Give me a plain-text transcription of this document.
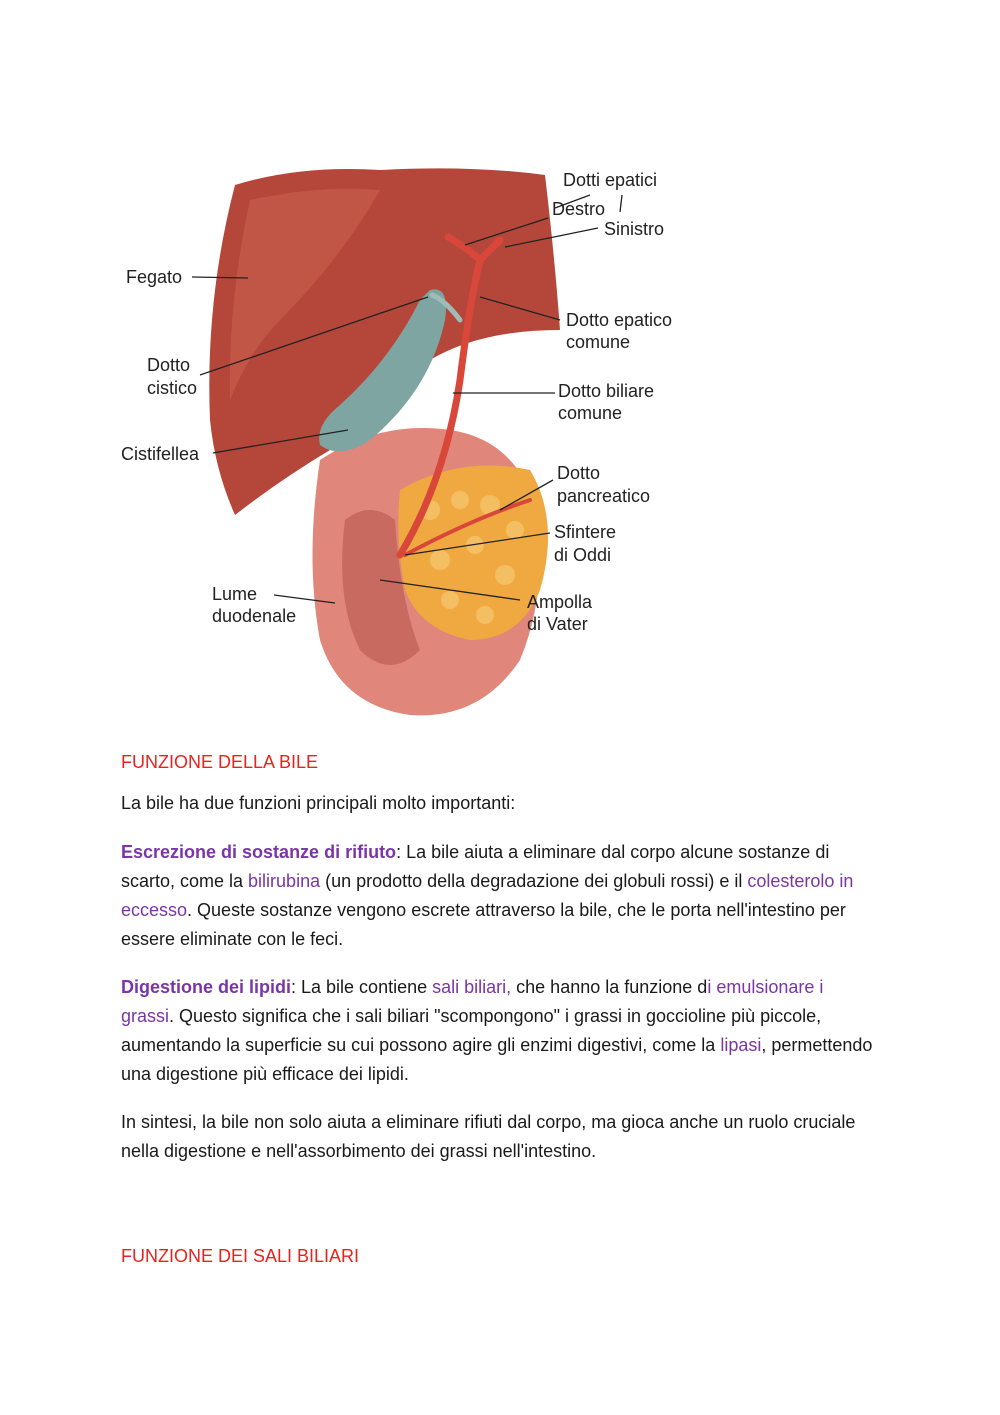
Dotti epatici
Destro
Sinistro
Fegato
Dotto epatico
comune
Dotto
cistico	Dotto biliare
comune
Cistifellea
Dotto
pancreatico
Sfintere
di Oddi
Lume
duodenale
Ampolla
di Vater

FUNZIONE DELLA BILE

La bile ha due funzioni principali molto importanti:

Escrezione di sostanze di rifiuto: La bile aiuta a eliminare dal corpo alcune sostanze di scarto, come la bilirubina (un prodotto della degradazione dei globuli rossi) e il colesterolo in eccesso. Queste sostanze vengono escrete attraverso la bile, che le porta nell'intestino per essere eliminate con le feci.

Digestione dei lipidi: La bile contiene sali biliari, che hanno la funzione di emulsionare i grassi. Questo significa che i sali biliari "scompongono" i grassi in goccioline più piccole, aumentando la superficie su cui possono agire gli enzimi digestivi, come la lipasi, permettendo una digestione più efficace dei lipidi.

In sintesi, la bile non solo aiuta a eliminare rifiuti dal corpo, ma gioca anche un ruolo cruciale nella digestione e nell'assorbimento dei grassi nell'intestino.

FUNZIONE DEI SALI BILIARI
